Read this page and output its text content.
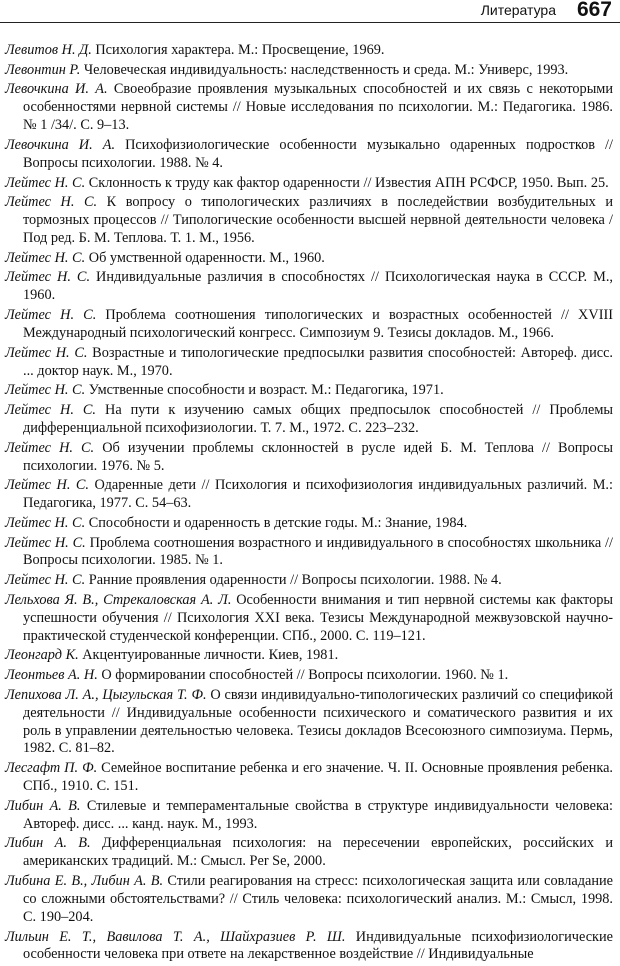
Литература 667

Левитов Н. Д. Психология характера. М.: Просвещение, 1969.

Левонтин Р. Человеческая индивидуальность: наследственность и среда. М.: Универс, 1993.

Левочкина И. А. Своеобразие проявления музыкальных способностей и их связь с некоторыми особенностями нервной системы // Новые исследования по психологии. М.: Педагогика. 1986. № 1 /34/. С. 9–13.

Левочкина И. А. Психофизиологические особенности музыкально одаренных подростков // Вопросы психологии. 1988. № 4.

Лейтес Н. С. Склонность к труду как фактор одаренности // Известия АПН РСФСР, 1950. Вып. 25.

Лейтес Н. С. К вопросу о типологических различиях в последействии возбудительных и тормозных процессов // Типологические особенности высшей нервной деятельности человека / Под ред. Б. М. Теплова. Т. 1. М., 1956.

Лейтес Н. С. Об умственной одаренности. М., 1960.

Лейтес Н. С. Индивидуальные различия в способностях // Психологическая наука в СССР. М., 1960.

Лейтес Н. С. Проблема соотношения типологических и возрастных особенностей // XVIII Международный психологический конгресс. Симпозиум 9. Тезисы докладов. М., 1966.

Лейтес Н. С. Возрастные и типологические предпосылки развития способностей: Автореф. дисс. ... доктор наук. М., 1970.

Лейтес Н. С. Умственные способности и возраст. М.: Педагогика, 1971.

Лейтес Н. С. На пути к изучению самых общих предпосылок способностей // Проблемы дифференциальной психофизиологии. Т. 7. М., 1972. С. 223–232.

Лейтес Н. С. Об изучении проблемы склонностей в русле идей Б. М. Теплова // Вопросы психологии. 1976. № 5.

Лейтес Н. С. Одаренные дети // Психология и психофизиология индивидуальных различий. М.: Педагогика, 1977. С. 54–63.

Лейтес Н. С. Способности и одаренность в детские годы. М.: Знание, 1984.

Лейтес Н. С. Проблема соотношения возрастного и индивидуального в способностях школьника // Вопросы психологии. 1985. № 1.

Лейтес Н. С. Ранние проявления одаренности // Вопросы психологии. 1988. № 4.

Лельхова Я. В., Стрекаловская А. Л. Особенности внимания и тип нервной системы как факторы успешности обучения // Психология XXI века. Тезисы Международной межвузовской научно-практической студенческой конференции. СПб., 2000. С. 119–121.

Леонгард К. Акцентуированные личности. Киев, 1981.

Леонтьев А. Н. О формировании способностей // Вопросы психологии. 1960. № 1.

Лепихова Л. А., Цыгульская Т. Ф. О связи индивидуально-типологических различий со спецификой деятельности // Индивидуальные особенности психического и соматического развития и их роль в управлении деятельностью человека. Тезисы докладов Всесоюзного симпозиума. Пермь, 1982. С. 81–82.

Лесгафт П. Ф. Семейное воспитание ребенка и его значение. Ч. II. Основные проявления ребенка. СПб., 1910. С. 151.

Либин А. В. Стилевые и темпераментальные свойства в структуре индивидуальности человека: Автореф. дисс. ... канд. наук. М., 1993.

Либин А. В. Дифференциальная психология: на пересечении европейских, российских и американских традиций. М.: Смысл. Per Se, 2000.

Либина Е. В., Либин А. В. Стили реагирования на стресс: психологическая защита или совладание со сложными обстоятельствами? // Стиль человека: психологический анализ. М.: Смысл, 1998. С. 190–204.

Лильин Е. Т., Вавилова Т. А., Шайхразиев Р. Ш. Индивидуальные психофизиологические особенности человека при ответе на лекарственное воздействие // Индивидуальные
